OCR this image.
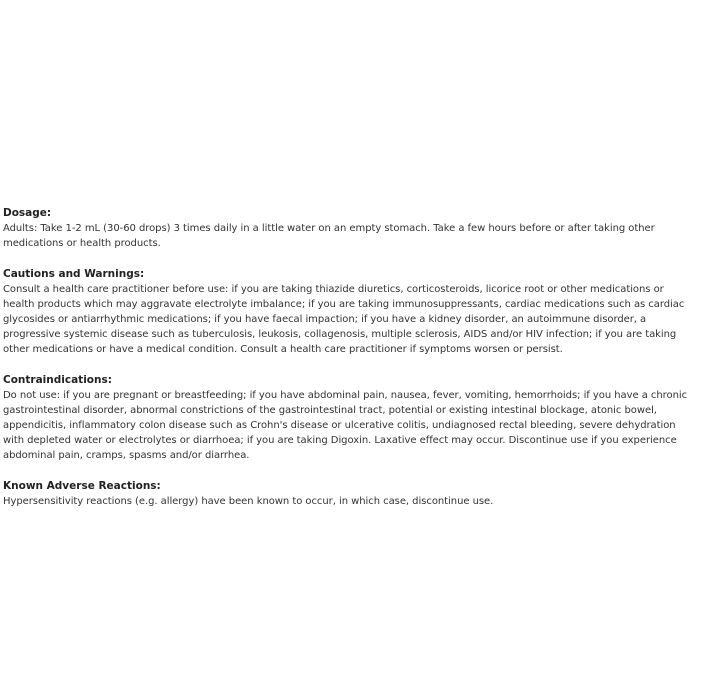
Dosage:

Adults: Take 1-2 mL (30-60 drops) 3 times daily in a little water on an empty stomach. Take a few hours before or after taking other medications or health products.

Cautions and Warnings:

Consult a health care practitioner before use: if you are taking thiazide diuretics, corticosteroids, licorice root or other medications or health products which may aggravate electrolyte imbalance; if you are taking immunosuppressants, cardiac medications such as cardiac glycosides or antiarrhythmic medications; if you have faecal impaction; if you have a kidney disorder, an autoimmune disorder, a progressive systemic disease such as tuberculosis, leukosis, collagenosis, multiple sclerosis, AIDS and/or HIV infection; if you are taking other medications or have a medical condition. Consult a health care practitioner if symptoms worsen or persist.

Contraindications:

Do not use: if you are pregnant or breastfeeding; if you have abdominal pain, nausea, fever, vomiting, hemorrhoids; if you have a chronic gastrointestinal disorder, abnormal constrictions of the gastrointestinal tract, potential or existing intestinal blockage, atonic bowel, appendicitis, inflammatory colon disease such as Crohn's disease or ulcerative colitis, undiagnosed rectal bleeding, severe dehydration with depleted water or electrolytes or diarrhoea; if you are taking Digoxin. Laxative effect may occur. Discontinue use if you experience abdominal pain, cramps, spasms and/or diarrhea.

Known Adverse Reactions:

Hypersensitivity reactions (e.g. allergy) have been known to occur, in which case, discontinue use.
